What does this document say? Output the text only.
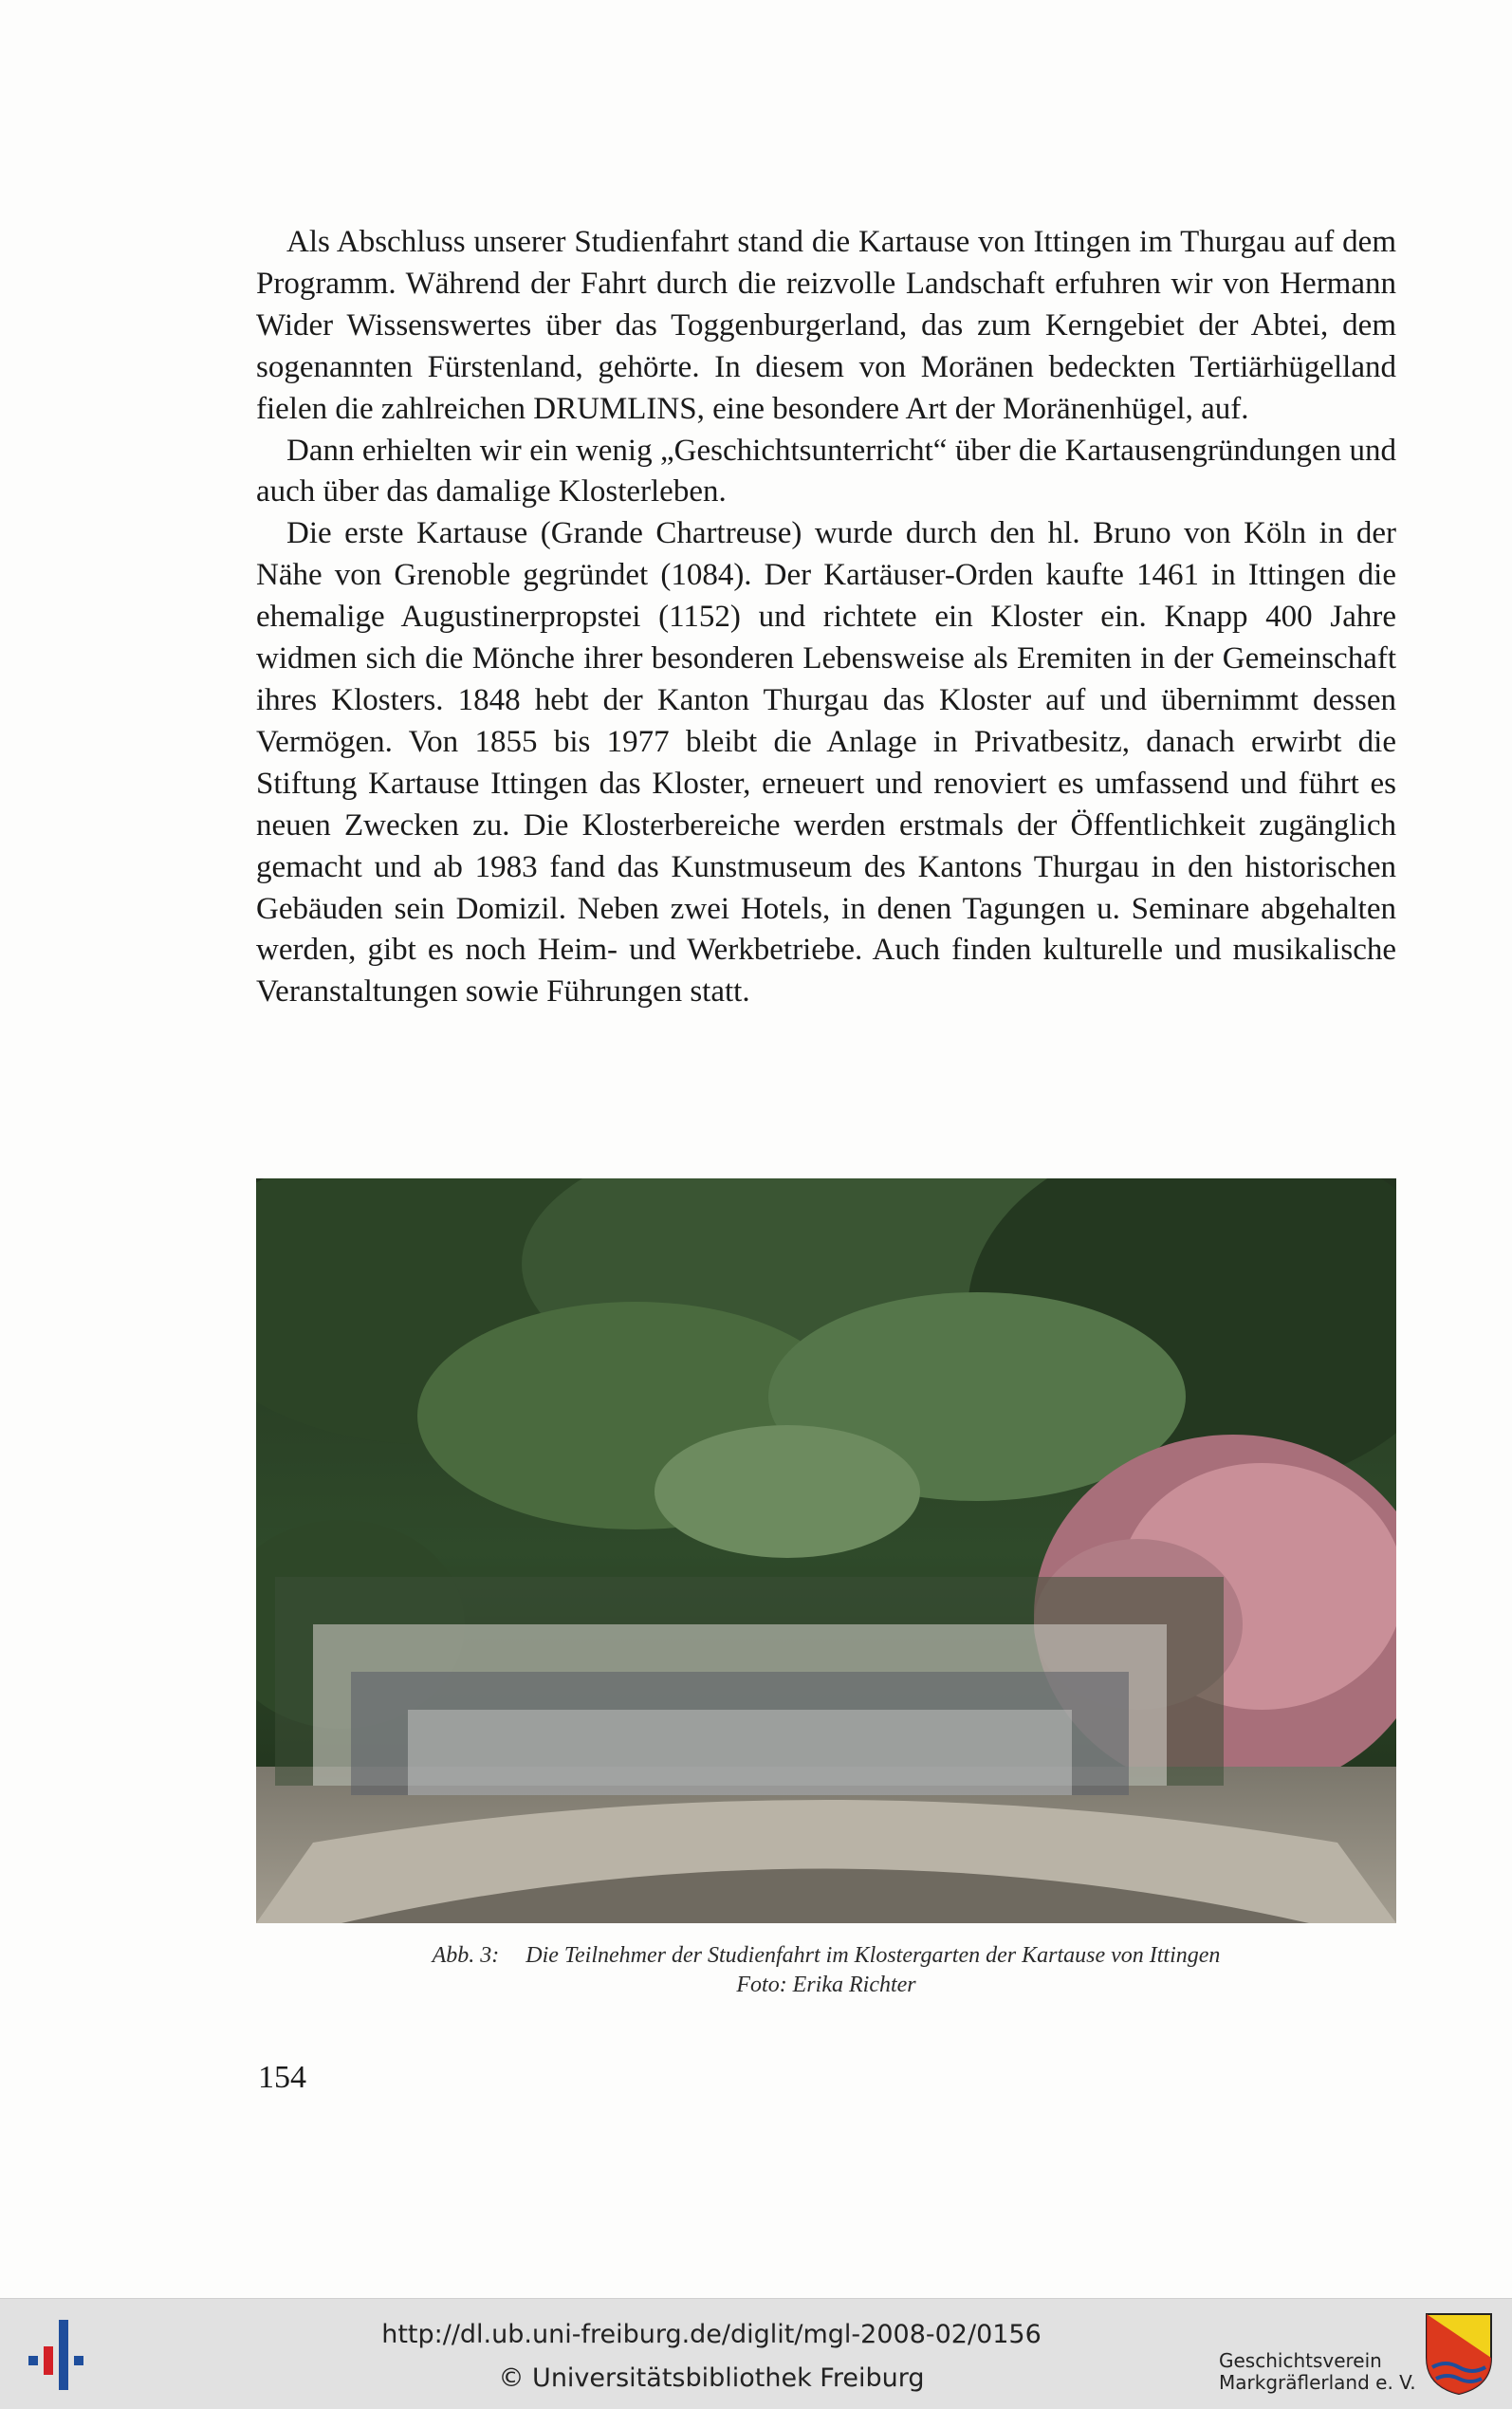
Als Abschluss unserer Studienfahrt stand die Kartause von Ittingen im Thurgau auf dem Programm. Während der Fahrt durch die reizvolle Landschaft erfuhren wir von Hermann Wider Wissenswertes über das Toggenburgerland, das zum Kerngebiet der Abtei, dem sogenannten Fürstenland, gehörte. In diesem von Moränen bedeckten Tertiärhügelland fielen die zahlreichen DRUMLINS, eine besondere Art der Moränenhügel, auf.

Dann erhielten wir ein wenig „Geschichtsunterricht“ über die Kartausengründungen und auch über das damalige Klosterleben.

Die erste Kartause (Grande Chartreuse) wurde durch den hl. Bruno von Köln in der Nähe von Grenoble gegründet (1084). Der Kartäuser-Orden kaufte 1461 in Ittingen die ehemalige Augustinerpropstei (1152) und richtete ein Kloster ein. Knapp 400 Jahre widmen sich die Mönche ihrer besonderen Lebensweise als Eremiten in der Gemeinschaft ihres Klosters. 1848 hebt der Kanton Thurgau das Kloster auf und übernimmt dessen Vermögen. Von 1855 bis 1977 bleibt die Anlage in Privatbesitz, danach erwirbt die Stiftung Kartause Ittingen das Kloster, erneuert und renoviert es umfassend und führt es neuen Zwecken zu. Die Klosterbereiche werden erstmals der Öffentlichkeit zugänglich gemacht und ab 1983 fand das Kunstmuseum des Kantons Thurgau in den historischen Gebäuden sein Domizil. Neben zwei Hotels, in denen Tagungen u. Seminare abgehalten werden, gibt es noch Heim- und Werkbetriebe. Auch finden kulturelle und musikalische Veranstaltungen sowie Führungen statt.

Abb. 3: Die Teilnehmer der Studienfahrt im Klostergarten der Kartause von Ittingen
Foto: Erika Richter
154
http://dl.ub.uni-freiburg.de/diglit/mgl-2008-02/0156
© Universitätsbibliothek Freiburg
Geschichtsverein
Markgräflerland e. V.
